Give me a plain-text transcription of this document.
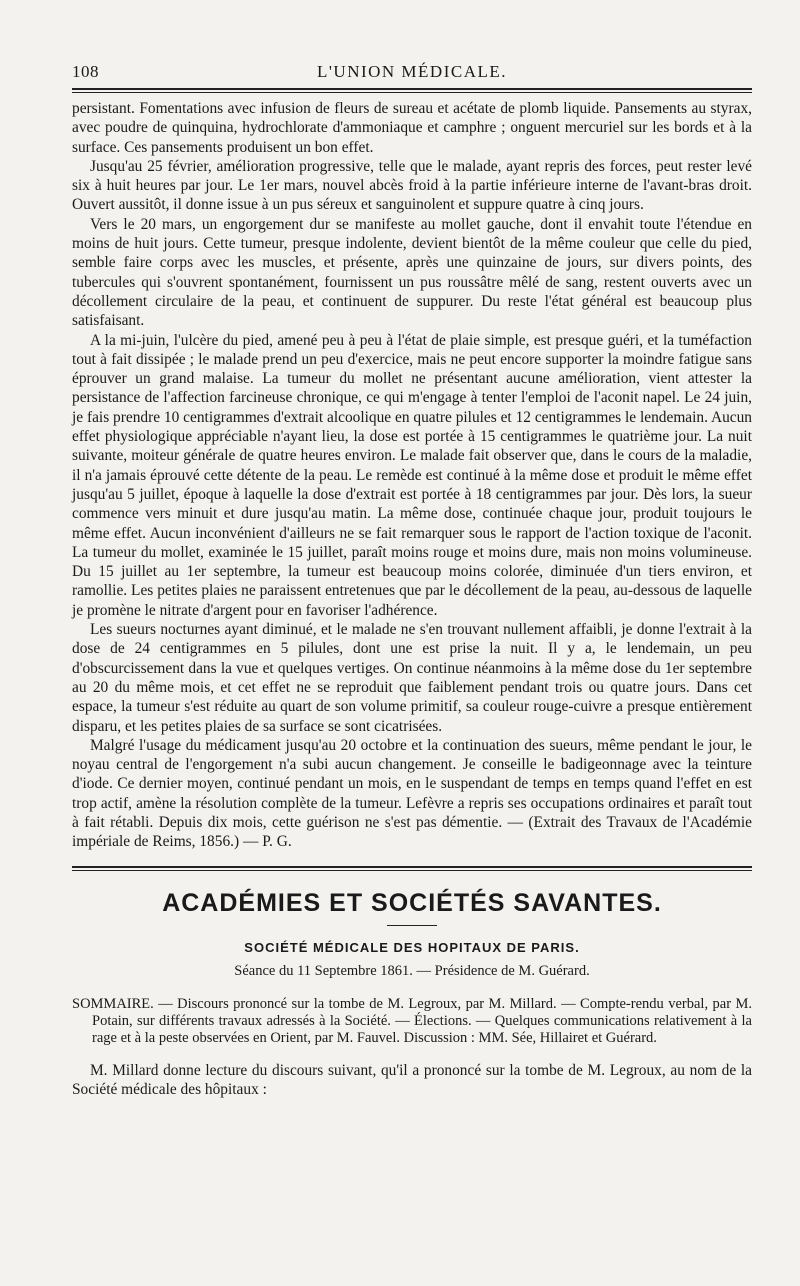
108	L'UNION MÉDICALE.

persistant. Fomentations avec infusion de fleurs de sureau et acétate de plomb liquide. Pansements au styrax, avec poudre de quinquina, hydrochlorate d'ammoniaque et camphre ; onguent mercuriel sur les bords et à la surface. Ces pansements produisent un bon effet.

Jusqu'au 25 février, amélioration progressive, telle que le malade, ayant repris des forces, peut rester levé six à huit heures par jour. Le 1er mars, nouvel abcès froid à la partie inférieure interne de l'avant-bras droit. Ouvert aussitôt, il donne issue à un pus séreux et sanguinolent et suppure quatre à cinq jours.

Vers le 20 mars, un engorgement dur se manifeste au mollet gauche, dont il envahit toute l'étendue en moins de huit jours. Cette tumeur, presque indolente, devient bientôt de la même couleur que celle du pied, semble faire corps avec les muscles, et présente, après une quinzaine de jours, sur divers points, des tubercules qui s'ouvrent spontanément, fournissent un pus roussâtre mêlé de sang, restent ouverts avec un décollement circulaire de la peau, et continuent de suppurer. Du reste l'état général est beaucoup plus satisfaisant.

A la mi-juin, l'ulcère du pied, amené peu à peu à l'état de plaie simple, est presque guéri, et la tuméfaction tout à fait dissipée ; le malade prend un peu d'exercice, mais ne peut encore supporter la moindre fatigue sans éprouver un grand malaise. La tumeur du mollet ne présentant aucune amélioration, vient attester la persistance de l'affection farcineuse chronique, ce qui m'engage à tenter l'emploi de l'aconit napel. Le 24 juin, je fais prendre 10 centigrammes d'extrait alcoolique en quatre pilules et 12 centigrammes le lendemain. Aucun effet physiologique appréciable n'ayant lieu, la dose est portée à 15 centigrammes le quatrième jour. La nuit suivante, moiteur générale de quatre heures environ. Le malade fait observer que, dans le cours de la maladie, il n'a jamais éprouvé cette détente de la peau. Le remède est continué à la même dose et produit le même effet jusqu'au 5 juillet, époque à laquelle la dose d'extrait est portée à 18 centigrammes par jour. Dès lors, la sueur commence vers minuit et dure jusqu'au matin. La même dose, continuée chaque jour, produit toujours le même effet. Aucun inconvénient d'ailleurs ne se fait remarquer sous le rapport de l'action toxique de l'aconit. La tumeur du mollet, examinée le 15 juillet, paraît moins rouge et moins dure, mais non moins volumineuse. Du 15 juillet au 1er septembre, la tumeur est beaucoup moins colorée, diminuée d'un tiers environ, et ramollie. Les petites plaies ne paraissent entretenues que par le décollement de la peau, au-dessous de laquelle je promène le nitrate d'argent pour en favoriser l'adhérence.

Les sueurs nocturnes ayant diminué, et le malade ne s'en trouvant nullement affaibli, je donne l'extrait à la dose de 24 centigrammes en 5 pilules, dont une est prise la nuit. Il y a, le lendemain, un peu d'obscurcissement dans la vue et quelques vertiges. On continue néanmoins à la même dose du 1er septembre au 20 du même mois, et cet effet ne se reproduit que faiblement pendant trois ou quatre jours. Dans cet espace, la tumeur s'est réduite au quart de son volume primitif, sa couleur rouge-cuivre a presque entièrement disparu, et les petites plaies de sa surface se sont cicatrisées.

Malgré l'usage du médicament jusqu'au 20 octobre et la continuation des sueurs, même pendant le jour, le noyau central de l'engorgement n'a subi aucun changement. Je conseille le badigeonnage avec la teinture d'iode. Ce dernier moyen, continué pendant un mois, en le suspendant de temps en temps quand l'effet en est trop actif, amène la résolution complète de la tumeur. Lefèvre a repris ses occupations ordinaires et paraît tout à fait rétabli. Depuis dix mois, cette guérison ne s'est pas démentie. — (Extrait des Travaux de l'Académie impériale de Reims, 1856.) — P. G.

ACADÉMIES ET SOCIÉTÉS SAVANTES.
SOCIÉTÉ MÉDICALE DES HOPITAUX DE PARIS.
Séance du 11 Septembre 1861. — Présidence de M. Guérard.
SOMMAIRE. — Discours prononcé sur la tombe de M. Legroux, par M. Millard. — Compte-rendu verbal, par M. Potain, sur différents travaux adressés à la Société. — Élections. — Quelques communications relativement à la rage et à la peste observées en Orient, par M. Fauvel. Discussion : MM. Sée, Hillairet et Guérard.
M. Millard donne lecture du discours suivant, qu'il a prononcé sur la tombe de M. Legroux, au nom de la Société médicale des hôpitaux :
